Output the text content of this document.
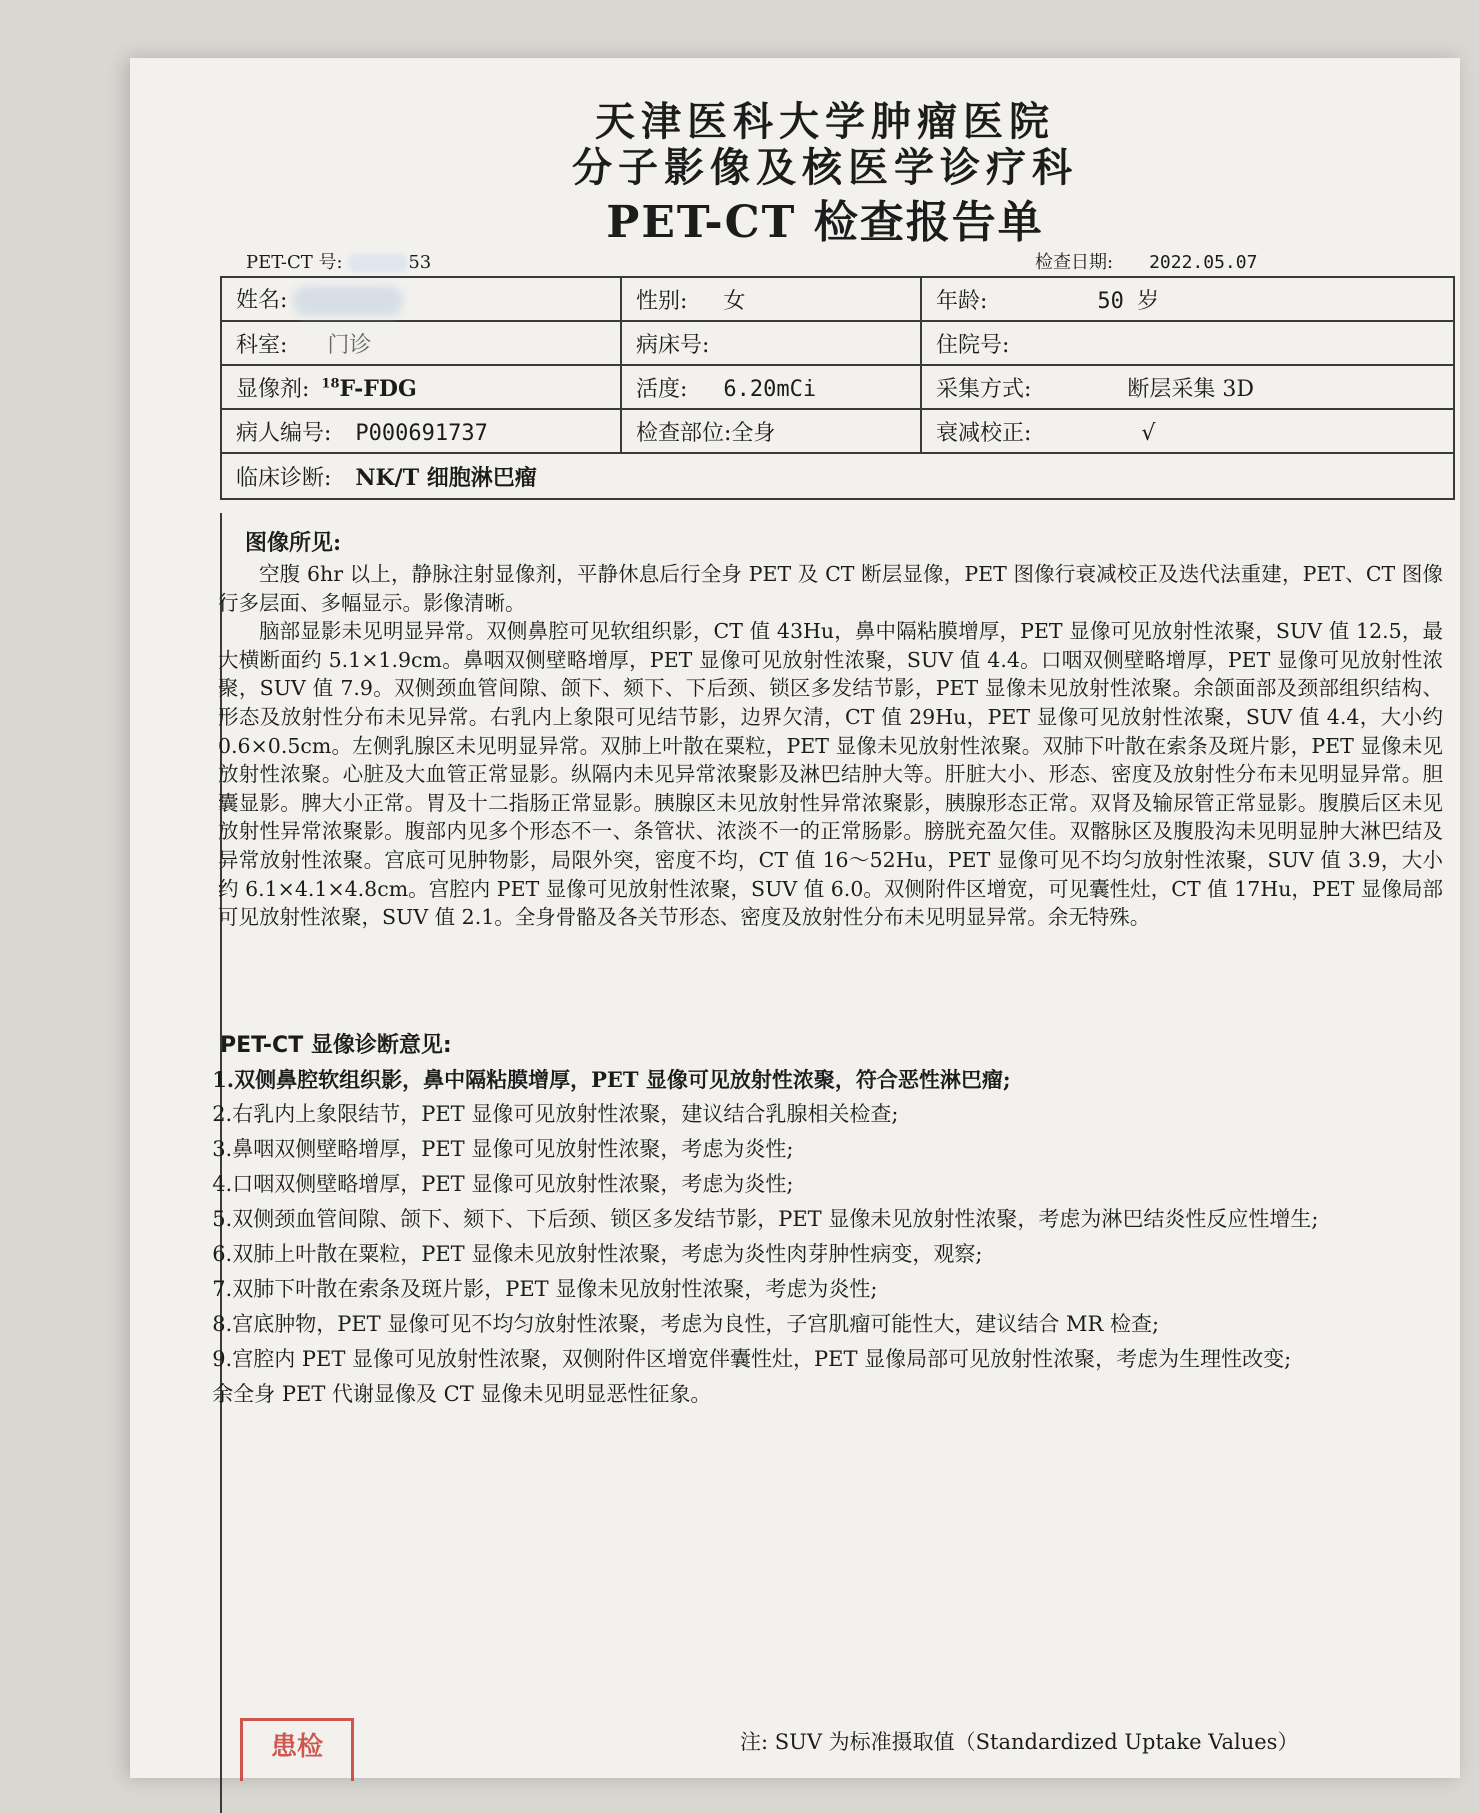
天津医科大学肿瘤医院
分子影像及核医学诊疗科
PET-CT 检查报告单
PET-CT 号:	53	检查日期: 2022.05.07
姓名:	性别: 女	年龄: 50 岁
科室: 门诊	病床号:	住院号:
显像剂: $^{18}$F-FDG	活度: 6.20mCi	采集方式: 断层采集 3D
病人编号: P000691737	检查部位:全身	衰减校正: √
临床诊断: NK/T 细胞淋巴瘤		
图像所见:

空腹 6hr 以上，静脉注射显像剂，平静休息后行全身 PET 及 CT 断层显像，PET 图像行衰减校正及迭代法重建，PET、CT 图像行多层面、多幅显示。影像清晰。

脑部显影未见明显异常。双侧鼻腔可见软组织影，CT 值 43Hu，鼻中隔粘膜增厚，PET 显像可见放射性浓聚，SUV 值 12.5，最大横断面约 5.1×1.9cm。鼻咽双侧壁略增厚，PET 显像可见放射性浓聚，SUV 值 4.4。口咽双侧壁略增厚，PET 显像可见放射性浓聚，SUV 值 7.9。双侧颈血管间隙、颌下、颏下、下后颈、锁区多发结节影，PET 显像未见放射性浓聚。余颌面部及颈部组织结构、形态及放射性分布未见异常。右乳内上象限可见结节影，边界欠清，CT 值 29Hu，PET 显像可见放射性浓聚，SUV 值 4.4，大小约 0.6×0.5cm。左侧乳腺区未见明显异常。双肺上叶散在粟粒，PET 显像未见放射性浓聚。双肺下叶散在索条及斑片影，PET 显像未见放射性浓聚。心脏及大血管正常显影。纵隔内未见异常浓聚影及淋巴结肿大等。肝脏大小、形态、密度及放射性分布未见明显异常。胆囊显影。脾大小正常。胃及十二指肠正常显影。胰腺区未见放射性异常浓聚影，胰腺形态正常。双肾及输尿管正常显影。腹膜后区未见放射性异常浓聚影。腹部内见多个形态不一、条管状、浓淡不一的正常肠影。膀胱充盈欠佳。双髂脉区及腹股沟未见明显肿大淋巴结及异常放射性浓聚。宫底可见肿物影，局限外突，密度不均，CT 值 16～52Hu，PET 显像可见不均匀放射性浓聚，SUV 值 3.9，大小约 6.1×4.1×4.8cm。宫腔内 PET 显像可见放射性浓聚，SUV 值 6.0。双侧附件区增宽，可见囊性灶，CT 值 17Hu，PET 显像局部可见放射性浓聚，SUV 值 2.1。全身骨骼及各关节形态、密度及放射性分布未见明显异常。余无特殊。

PET-CT 显像诊断意见:

1.双侧鼻腔软组织影，鼻中隔粘膜增厚，PET 显像可见放射性浓聚，符合恶性淋巴瘤;

2.右乳内上象限结节，PET 显像可见放射性浓聚，建议结合乳腺相关检查;

3.鼻咽双侧壁略增厚，PET 显像可见放射性浓聚，考虑为炎性;

4.口咽双侧壁略增厚，PET 显像可见放射性浓聚，考虑为炎性;

5.双侧颈血管间隙、颌下、颏下、下后颈、锁区多发结节影，PET 显像未见放射性浓聚，考虑为淋巴结炎性反应性增生;

6.双肺上叶散在粟粒，PET 显像未见放射性浓聚，考虑为炎性肉芽肿性病变，观察;

7.双肺下叶散在索条及斑片影，PET 显像未见放射性浓聚，考虑为炎性;

8.宫底肿物，PET 显像可见不均匀放射性浓聚，考虑为良性，子宫肌瘤可能性大，建议结合 MR 检查;

9.宫腔内 PET 显像可见放射性浓聚，双侧附件区增宽伴囊性灶，PET 显像局部可见放射性浓聚，考虑为生理性改变;

余全身 PET 代谢显像及 CT 显像未见明显恶性征象。

患检	注: SUV 为标准摄取值（Standardized Uptake Values）
